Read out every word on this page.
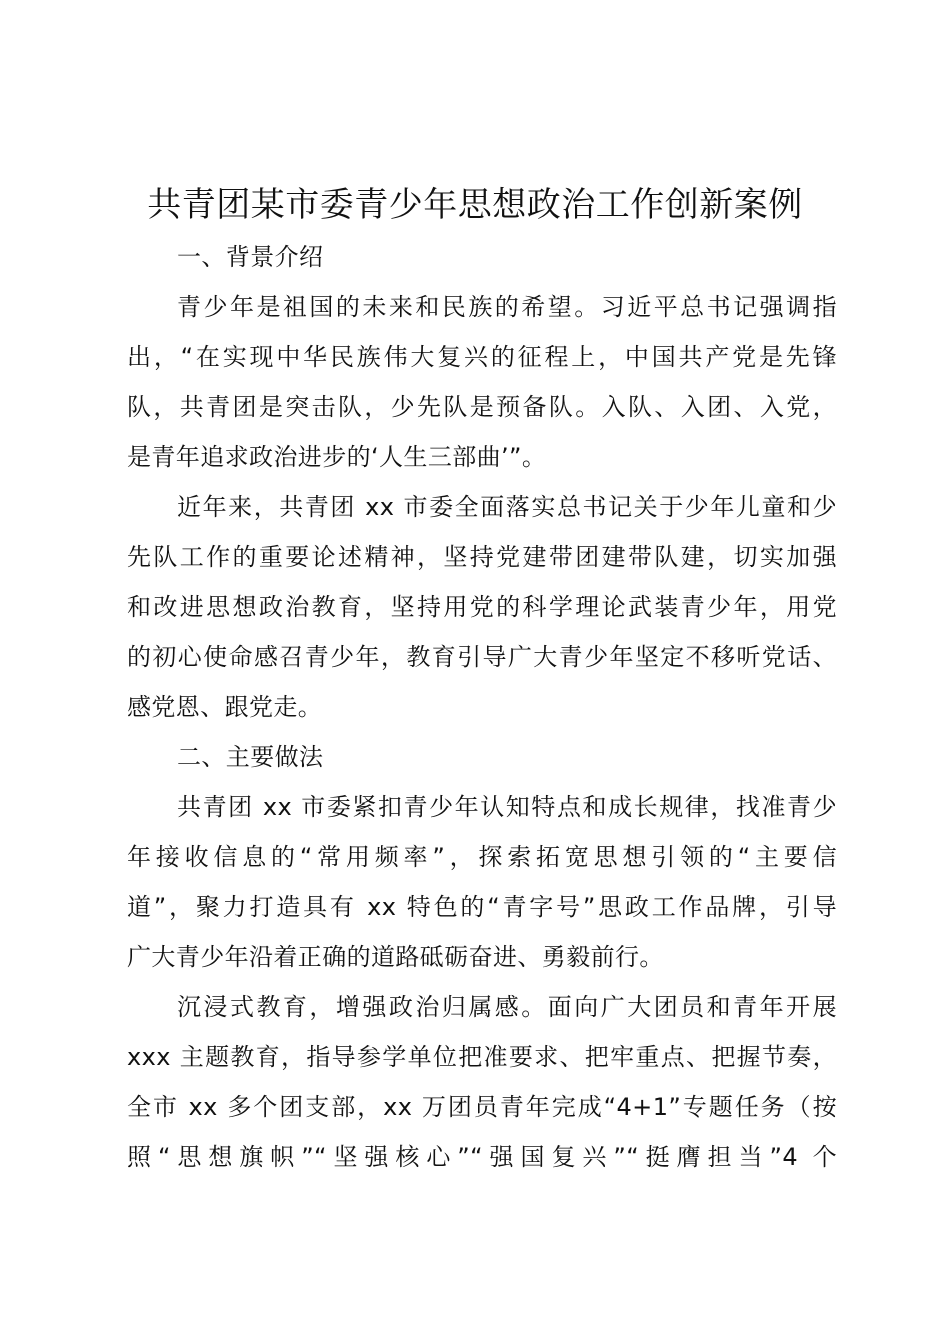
共青团某市委青少年思想政治工作创新案例
一、背景介绍
青少年是祖国的未来和民族的希望。习近平总书记强调指
出，“在实现中华民族伟大复兴的征程上，中国共产党是先锋
队，共青团是突击队，少先队是预备队。入队、入团、入党，
是青年追求政治进步的‘人生三部曲’”。
近年来，共青团 xx 市委全面落实总书记关于少年儿童和少
先队工作的重要论述精神，坚持党建带团建带队建，切实加强
和改进思想政治教育，坚持用党的科学理论武装青少年，用党
的初心使命感召青少年，教育引导广大青少年坚定不移听党话、
感党恩、跟党走。
二、主要做法
共青团 xx 市委紧扣青少年认知特点和成长规律，找准青少
年接收信息的“常用频率”，探索拓宽思想引领的“主要信
道”，聚力打造具有 xx 特色的“青字号”思政工作品牌，引导
广大青少年沿着正确的道路砥砺奋进、勇毅前行。
沉浸式教育，增强政治归属感。面向广大团员和青年开展
xxx 主题教育，指导参学单位把准要求、把牢重点、把握节奏，
全市 xx 多个团支部，xx 万团员青年完成“4+1”专题任务（按
照“思想旗帜”“坚强核心”“强国复兴”“挺膺担当”4 个
